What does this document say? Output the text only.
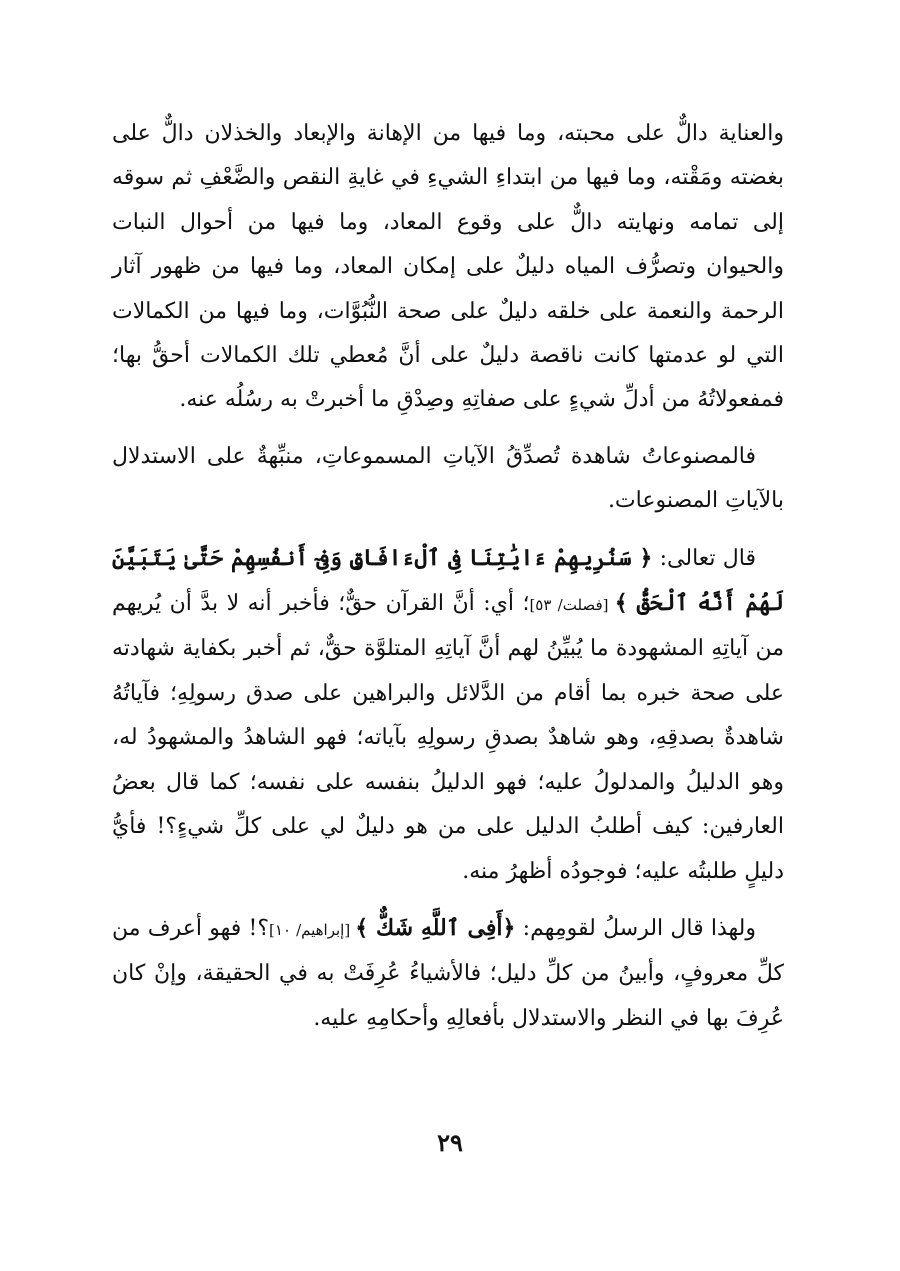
والعناية دالٌّ على محبته، وما فيها من الإهانة والإبعاد والخذلان دالٌّ على بغضته ومَقْته، وما فيها من ابتداءِ الشيءِ في غايةِ النقص والضَّعْفِ ثم سوقه إلى تمامه ونهايته دالٌّ على وقوع المعاد، وما فيها من أحوال النبات والحيوان وتصرُّف المياه دليلٌ على إمكان المعاد، وما فيها من ظهور آثار الرحمة والنعمة على خلقه دليلٌ على صحة النُّبُوَّات، وما فيها من الكمالات التي لو عدمتها كانت ناقصة دليلٌ على أنَّ مُعطي تلك الكمالات أحقُّ بها؛ فمفعولاتُهُ من أدلِّ شيءٍ على صفاتِهِ وصِدْقِ ما أخبرتْ به رسُلُه عنه.

فالمصنوعاتُ شاهدة تُصدِّقُ الآياتِ المسموعاتِ، منبِّهةٌ على الاستدلال بالآياتِ المصنوعات.

قال تعالى: ﴿ سَنُرِيهِمْ ءَايَٰتِنَا فِى ٱلْءَافَاقِ وَفِىٓ أَنفُسِهِمْ حَتَّىٰ يَتَبَيَّنَ لَهُمْ أَنَّهُ ٱلْحَقُّ ﴾ [فصلت/ ٥٣]؛ أي: أنَّ القرآن حقٌّ؛ فأخبر أنه لا بدَّ أن يُريهم من آياتِهِ المشهودة ما يُبيِّنُ لهم أنَّ آياتِهِ المتلوَّة حقٌّ، ثم أخبر بكفاية شهادته على صحة خبره بما أقام من الدَّلائل والبراهين على صدق رسولِهِ؛ فآياتُهُ شاهدةٌ بصدقِهِ، وهو شاهدٌ بصدقِ رسولِهِ بآياته؛ فهو الشاهدُ والمشهودُ له، وهو الدليلُ والمدلولُ عليه؛ فهو الدليلُ بنفسه على نفسه؛ كما قال بعضُ العارفين: كيف أطلبُ الدليل على من هو دليلٌ لي على كلِّ شيءٍ؟! فأيُّ دليلٍ طلبتُه عليه؛ فوجودُه أظهرُ منه.

ولهذا قال الرسلُ لقومِهم: ﴿أَفِى ٱللَّهِ شَكٌّ ﴾ [إبراهيم/ ١٠]؟! فهو أعرف من كلِّ معروفٍ، وأبينُ من كلِّ دليل؛ فالأشياءُ عُرِفَتْ به في الحقيقة، وإنْ كان عُرِفَ بها في النظر والاستدلال بأفعالِهِ وأحكامِهِ عليه.

٢٩
